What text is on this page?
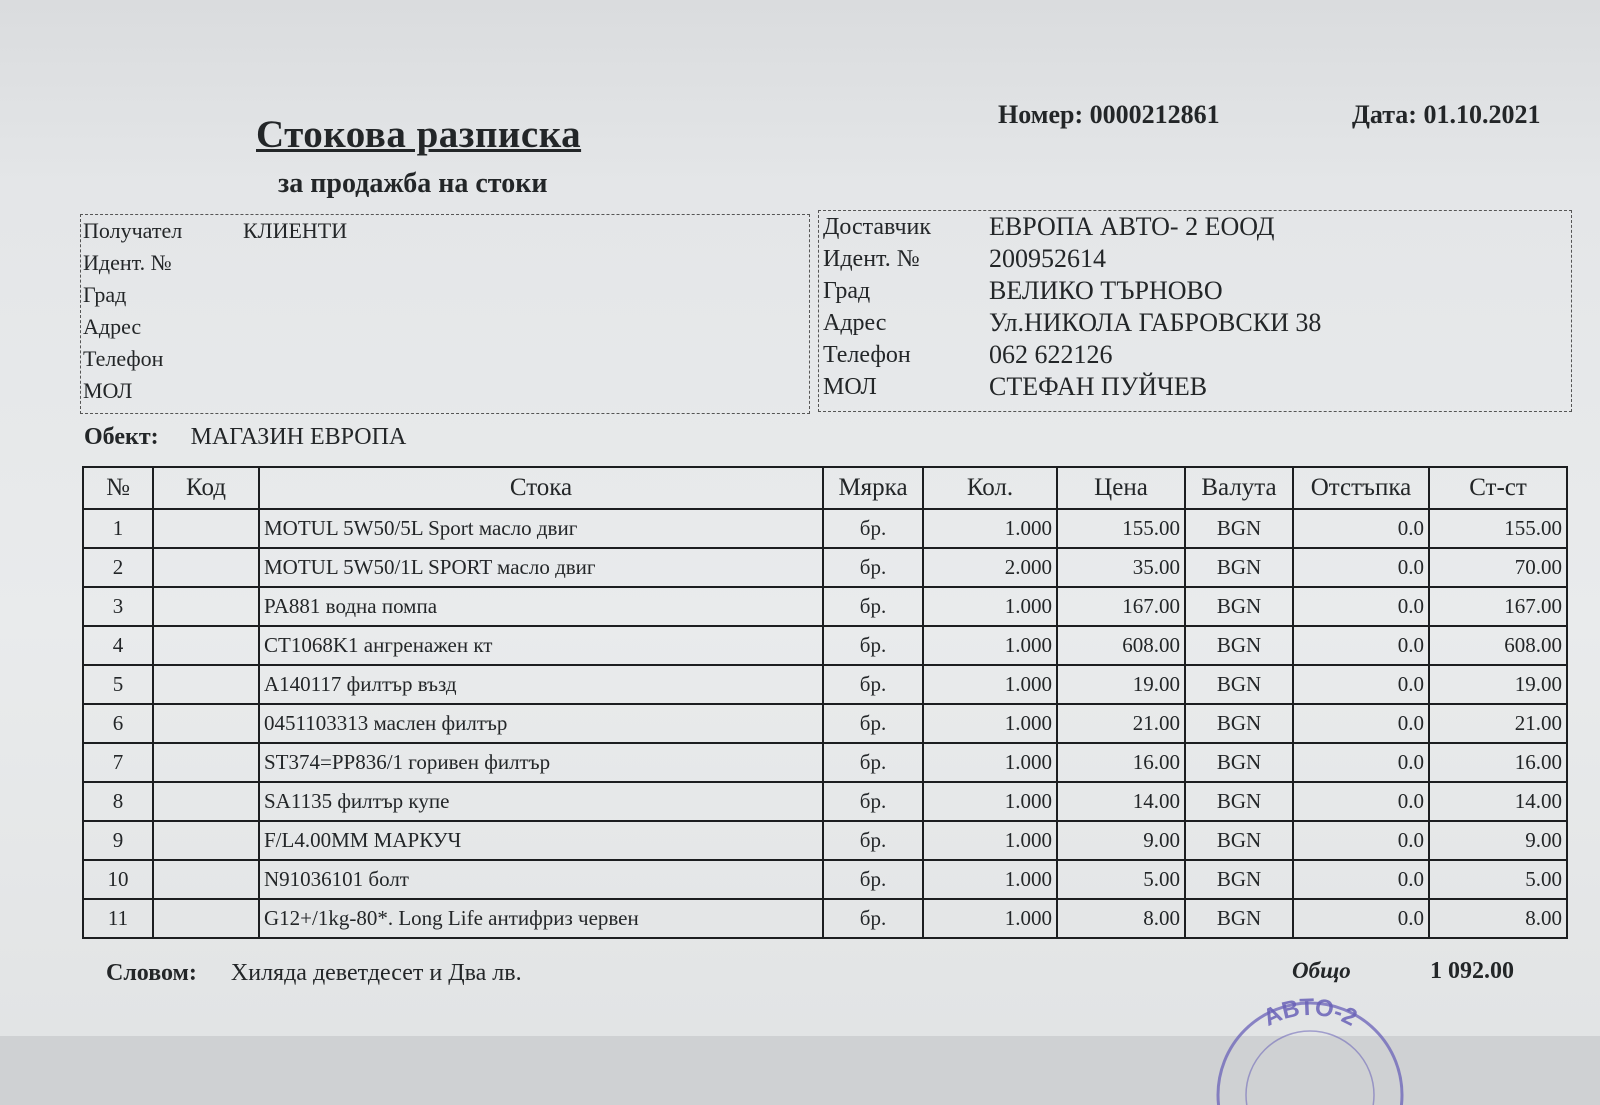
Стокова разписка
за продажба на стоки
Номер: 0000212861	Дата: 01.10.2021
Получател	КЛИЕНТИ
Идент. №
Град
Адрес
Телефон
МОЛ
Доставчик	ЕВРОПА АВТО- 2 ЕООД
Идент. №	200952614
Град	ВЕЛИКО ТЪРНОВО
Адрес	Ул.НИКОЛА ГАБРОВСКИ 38
Телефон	062 622126
МОЛ	СТЕФАН ПУЙЧЕВ
Обект: МАГАЗИН ЕВРОПА
№	Код	Стока	Мярка	Кол.	Цена	Валута	Отстъпка	Ст-ст
1		MOTUL 5W50/5L Sport масло двиг	бр.	1.000	155.00	BGN	0.0	155.00
2		MOTUL 5W50/1L SPORT масло двиг	бр.	2.000	35.00	BGN	0.0	70.00
3		PA881 водна помпа	бр.	1.000	167.00	BGN	0.0	167.00
4		CT1068K1 ангренажен кт	бр.	1.000	608.00	BGN	0.0	608.00
5		A140117 филтър възд	бр.	1.000	19.00	BGN	0.0	19.00
6		0451103313 маслен филтър	бр.	1.000	21.00	BGN	0.0	21.00
7		ST374=PP836/1 горивен филтър	бр.	1.000	16.00	BGN	0.0	16.00
8		SA1135 филтър купе	бр.	1.000	14.00	BGN	0.0	14.00
9		F/L4.00MM МАРКУЧ	бр.	1.000	9.00	BGN	0.0	9.00
10		N91036101 болт	бр.	1.000	5.00	BGN	0.0	5.00
11		G12+/1kg-80*. Long Life антифриз червен	бр.	1.000	8.00	BGN	0.0	8.00
Словом: Хиляда деветдесет и Два лв.	Общо	1 092.00
АВТО-2
